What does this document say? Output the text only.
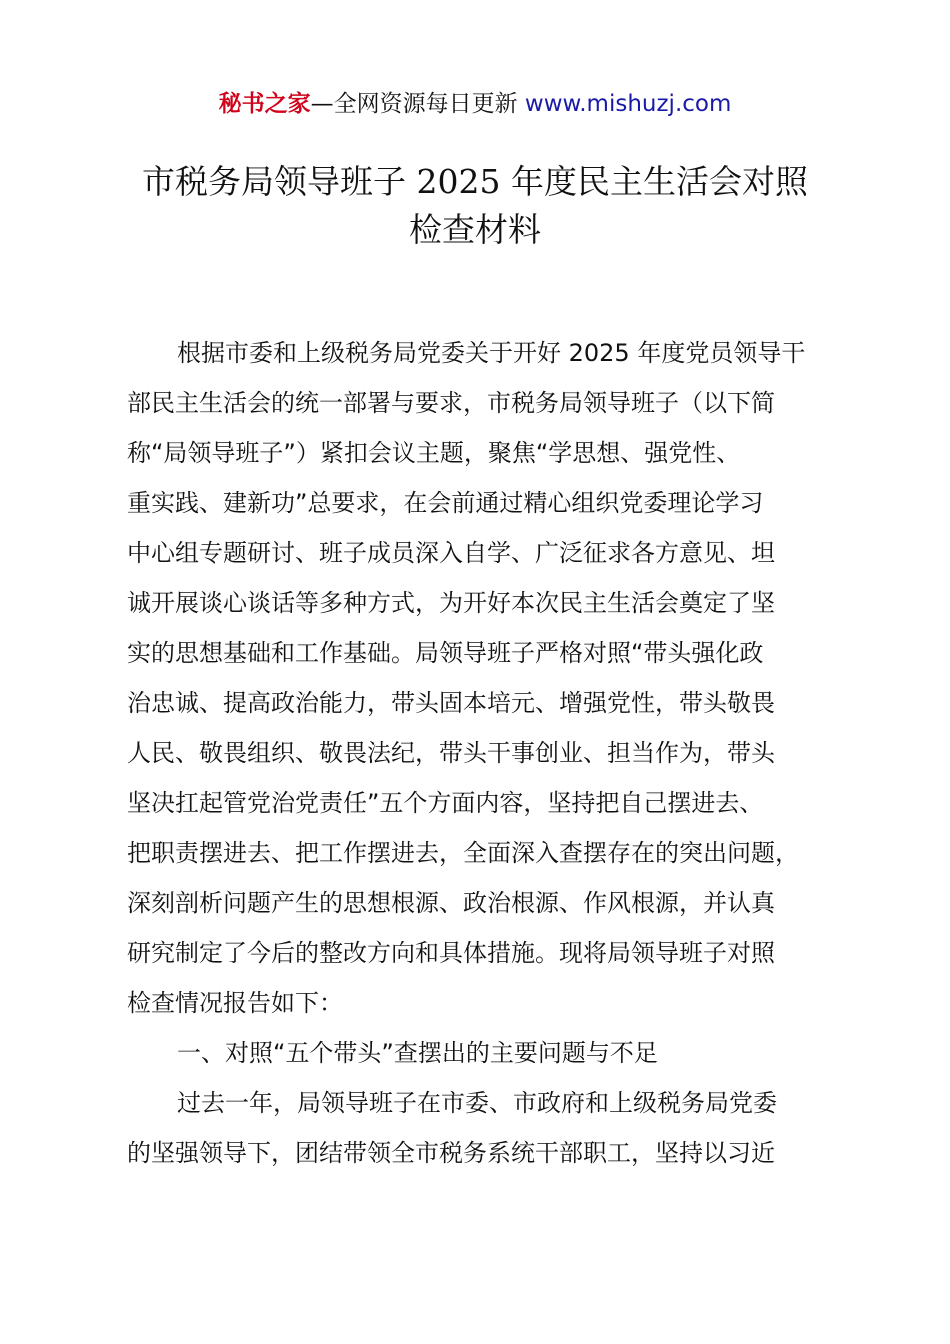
秘书之家—全网资源每日更新 www.mishuzj.com
市税务局领导班子 2025 年度民主生活会对照
检查材料
根据市委和上级税务局党委关于开好 2025 年度党员领导干
部民主生活会的统一部署与要求，市税务局领导班子（以下简
称“局领导班子”）紧扣会议主题，聚焦“学思想、强党性、
重实践、建新功”总要求，在会前通过精心组织党委理论学习
中心组专题研讨、班子成员深入自学、广泛征求各方意见、坦
诚开展谈心谈话等多种方式，为开好本次民主生活会奠定了坚
实的思想基础和工作基础。局领导班子严格对照“带头强化政
治忠诚、提高政治能力，带头固本培元、增强党性，带头敬畏
人民、敬畏组织、敬畏法纪，带头干事创业、担当作为，带头
坚决扛起管党治党责任”五个方面内容，坚持把自己摆进去、
把职责摆进去、把工作摆进去，全面深入查摆存在的突出问题，
深刻剖析问题产生的思想根源、政治根源、作风根源，并认真
研究制定了今后的整改方向和具体措施。现将局领导班子对照
检查情况报告如下：
一、对照“五个带头”查摆出的主要问题与不足
过去一年，局领导班子在市委、市政府和上级税务局党委
的坚强领导下，团结带领全市税务系统干部职工，坚持以习近
